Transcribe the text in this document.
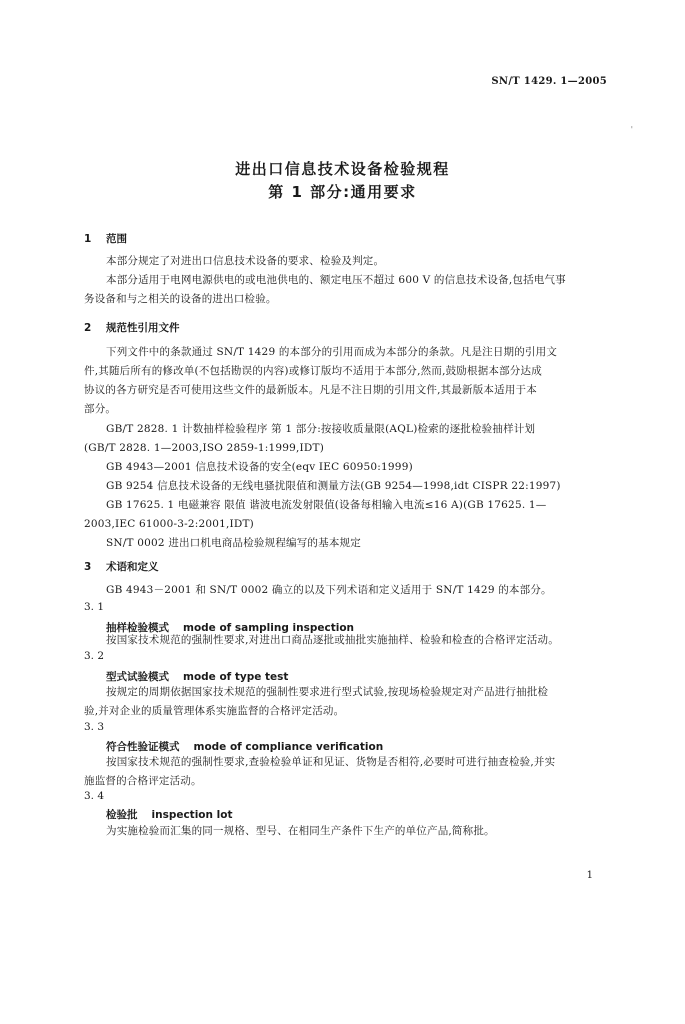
SN/T 1429. 1—2005
'
进出口信息技术设备检验规程
第 1 部分:通用要求
1 范围
本部分规定了对进出口信息技术设备的要求、检验及判定。
本部分适用于电网电源供电的或电池供电的、额定电压不超过 600 V 的信息技术设备,包括电气事
务设备和与之相关的设备的进出口检验。
2 规范性引用文件
下列文件中的条款通过 SN/T 1429 的本部分的引用而成为本部分的条款。凡是注日期的引用文
件,其随后所有的修改单(不包括勘误的内容)或修订版均不适用于本部分,然而,鼓励根据本部分达成
协议的各方研究是否可使用这些文件的最新版本。凡是不注日期的引用文件,其最新版本适用于本
部分。
GB/T 2828. 1 计数抽样检验程序 第 1 部分:按接收质量限(AQL)检索的逐批检验抽样计划
(GB/T 2828. 1—2003,ISO 2859-1:1999,IDT)
GB 4943—2001 信息技术设备的安全(eqv IEC 60950:1999)
GB 9254 信息技术设备的无线电骚扰限值和测量方法(GB 9254—1998,idt CISPR 22:1997)
GB 17625. 1 电磁兼容 限值 谐波电流发射限值(设备每相输入电流≤16 A)(GB 17625. 1—
2003,IEC 61000-3-2:2001,IDT)
SN/T 0002 进出口机电商品检验规程编写的基本规定
3 术语和定义
GB 4943－2001 和 SN/T 0002 确立的以及下列术语和定义适用于 SN/T 1429 的本部分。
3. 1
抽样检验模式 mode of sampling inspection
按国家技术规范的强制性要求,对进出口商品逐批或抽批实施抽样、检验和检查的合格评定活动。
3. 2
型式试验模式 mode of type test
按规定的周期依据国家技术规范的强制性要求进行型式试验,按现场检验规定对产品进行抽批检
验,并对企业的质量管理体系实施监督的合格评定活动。
3. 3
符合性验证模式 mode of compliance verification
按国家技术规范的强制性要求,查验检验单证和见证、货物是否相符,必要时可进行抽查检验,并实
施监督的合格评定活动。
3. 4
检验批 inspection lot
为实施检验而汇集的同一规格、型号、在相同生产条件下生产的单位产品,简称批。
1
